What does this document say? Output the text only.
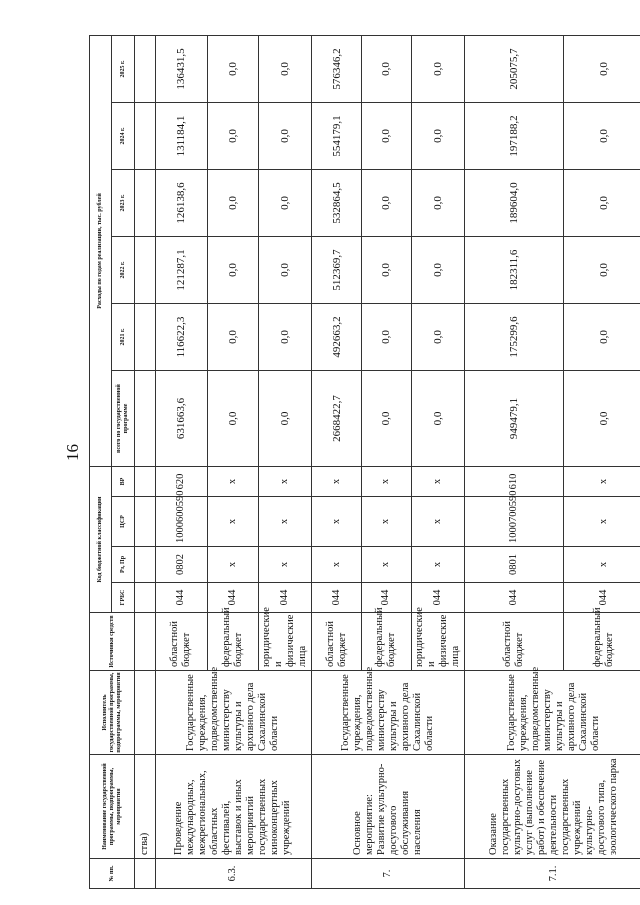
16
№ пп.	Наименование государственной программы, подпрограммы, мероприятия	Исполнитель государственной программы, подпрограммы, мероприятия	Источники средств	Код бюджетной классификации				Расходы по годам реализации, тыс. рублей					
				ГРБС	Рз, Пр	ЦСР	ВР	всего по государственной программе	2021 г.	2022 г.	2023 г.	2024 г.	2025 г.
	ства)												
6.3.	Проведение международных, межрегиональных, областных фестивалей, выставок и иных мероприятий государственных киноконцертных учреждений	Государственные учреждения, подведомственные министерству культуры и архивного дела Сахалинской области	областной бюджет	044	0802	1000600590	620	631663,6	116622,3	121287,1	126138,6	131184,1	136431,5
			федеральный бюджет	044	x	x	x	0,0	0,0	0,0	0,0	0,0	0,0
			юридические и физические лица	044	x	x	x	0,0	0,0	0,0	0,0	0,0	0,0
7.	Основное мероприятие: Развитие культурно-досугового обслуживания населения	Государственные учреждения, подведомственные министерству культуры и архивного дела Сахалинской области	областной бюджет	044	x	x	x	2668422,7	492663,2	512369,7	532864,5	554179,1	576346,2
			федеральный бюджет	044	x	x	x	0,0	0,0	0,0	0,0	0,0	0,0
			юридические и физические лица	044	x	x	x	0,0	0,0	0,0	0,0	0,0	0,0
7.1.	Оказание государственных культурно-досуговых услуг (выполнение работ) и обеспечение деятельности государственных учреждений культурно-досугового типа, зоологического парка	Государственные учреждения, подведомственные министерству культуры и архивного дела Сахалинской области	областной бюджет	044	0801	1000700590	610	949479,1	175299,6	182311,6	189604,0	197188,2	205075,7
			федеральный бюджет	044	x	x	x	0,0	0,0	0,0	0,0	0,0	0,0
